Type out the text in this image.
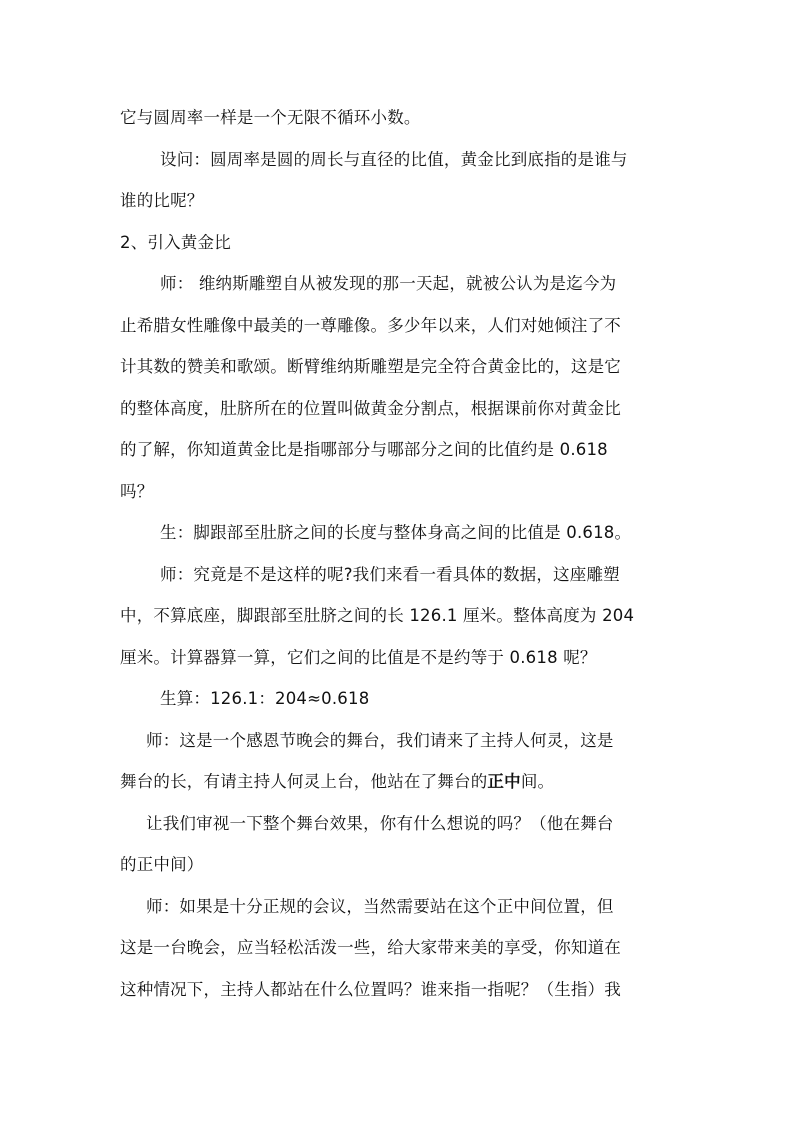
它与圆周率一样是一个无限不循环小数。
设问：圆周率是圆的周长与直径的比值，黄金比到底指的是谁与
谁的比呢？
2、引入黄金比
师： 维纳斯雕塑自从被发现的那一天起，就被公认为是迄今为
止希腊女性雕像中最美的一尊雕像。多少年以来，人们对她倾注了不
计其数的赞美和歌颂。断臂维纳斯雕塑是完全符合黄金比的，这是它
的整体高度，肚脐所在的位置叫做黄金分割点，根据课前你对黄金比
的了解，你知道黄金比是指哪部分与哪部分之间的比值约是 0.618
吗？
生：脚跟部至肚脐之间的长度与整体身高之间的比值是 0.618。
师：究竟是不是这样的呢?我们来看一看具体的数据，这座雕塑
中，不算底座，脚跟部至肚脐之间的长 126.1 厘米。整体高度为 204
厘米。计算器算一算，它们之间的比值是不是约等于 0.618 呢？
生算：126.1：204≈0.618
师：这是一个感恩节晚会的舞台，我们请来了主持人何灵，这是
舞台的长，有请主持人何灵上台，他站在了舞台的正中间。
让我们审视一下整个舞台效果，你有什么想说的吗？（他在舞台
的正中间）
师：如果是十分正规的会议，当然需要站在这个正中间位置，但
这是一台晚会，应当轻松活泼一些，给大家带来美的享受，你知道在
这种情况下，主持人都站在什么位置吗？谁来指一指呢？（生指）我
